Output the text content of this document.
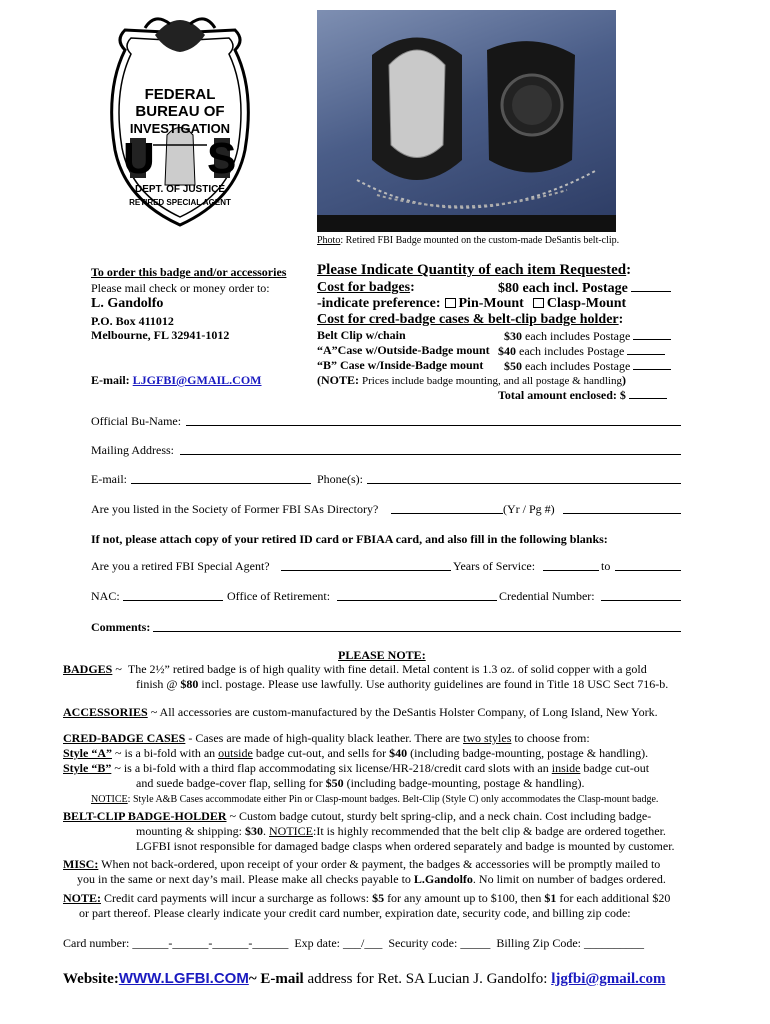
FEDERAL
BUREAU OF
INVESTIGATION
U S
DEPT. OF JUSTICE
RETIRED SPECIAL AGENT
Photo: Retired FBI Badge mounted on the custom-made DeSantis belt-clip.
To order this badge and/or accessories
Please mail check or money order to:
L. Gandolfo
P.O. Box 411012
Melbourne, FL 32941-1012
E-mail: LJGFBI@GMAIL.COM
Please Indicate Quantity of each item Requested:
Cost for badges:	$80 each incl. Postage
-indicate preference: Pin-Mount Clasp-Mount
Cost for cred-badge cases & belt-clip badge holder:
Belt Clip w/chain	$30 each includes Postage
“A”Case w/Outside-Badge mount $40 each includes Postage
“B” Case w/Inside-Badge mount $50 each includes Postage
(NOTE: Prices include badge mounting, and all postage & handling)
Total amount enclosed: $
Official Bu-Name:
Mailing Address:
E-mail:	Phone(s):
Are you listed in the Society of Former FBI SAs Directory?	(Yr / Pg #)
If not, please attach copy of your retired ID card or FBIAA card, and also fill in the following blanks:
Are you a retired FBI Special Agent?	Years of Service:	to
NAC:	Office of Retirement:	Credential Number:
Comments:
PLEASE NOTE:
BADGES ~  The 2½” retired badge is of high quality with fine detail. Metal content is 1.3 oz. of solid copper with a gold
finish @ $80 incl. postage. Please use lawfully. Use authority guidelines are found in Title 18 USC Sect 716-b.
ACCESSORIES ~ All accessories are custom-manufactured by the DeSantis Holster Company, of Long Island, New York.
CRED-BADGE CASES - Cases are made of high-quality black leather. There are two styles to choose from:
Style “A” ~ is a bi-fold with an outside badge cut-out, and sells for $40 (including badge-mounting, postage & handling).
Style “B” ~ is a bi-fold with a third flap accommodating six license/HR-218/credit card slots with an inside badge cut-out
and suede badge-cover flap, selling for $50 (including badge-mounting, postage & handling).
NOTICE: Style A&B Cases accommodate either Pin or Clasp-mount badges. Belt-Clip (Style C) only accommodates the Clasp-mount badge.
BELT-CLIP BADGE-HOLDER ~ Custom badge cutout, sturdy belt spring-clip, and a neck chain. Cost including badge-
mounting & shipping: $30. NOTICE:It is highly recommended that the belt clip & badge are ordered together.
LGFBI isnot responsible for damaged badge clasps when ordered separately and badge is mounted by customer.
MISC: When not back-ordered, upon receipt of your order & payment, the badges & accessories will be promptly mailed to
you in the same or next day’s mail. Please make all checks payable to L.Gandolfo. No limit on number of badges ordered.
NOTE: Credit card payments will incur a surcharge as follows: $5 for any amount up to $100, then $1 for each additional $20
or part thereof. Please clearly indicate your credit card number, expiration date, security code, and billing zip code:
Card number: ______-______-______-______ Exp date: ___/___ Security code: _____ Billing Zip Code: __________
Website:WWW.LGFBI.COM~ E-mail address for Ret. SA Lucian J. Gandolfo: ljgfbi@gmail.com
